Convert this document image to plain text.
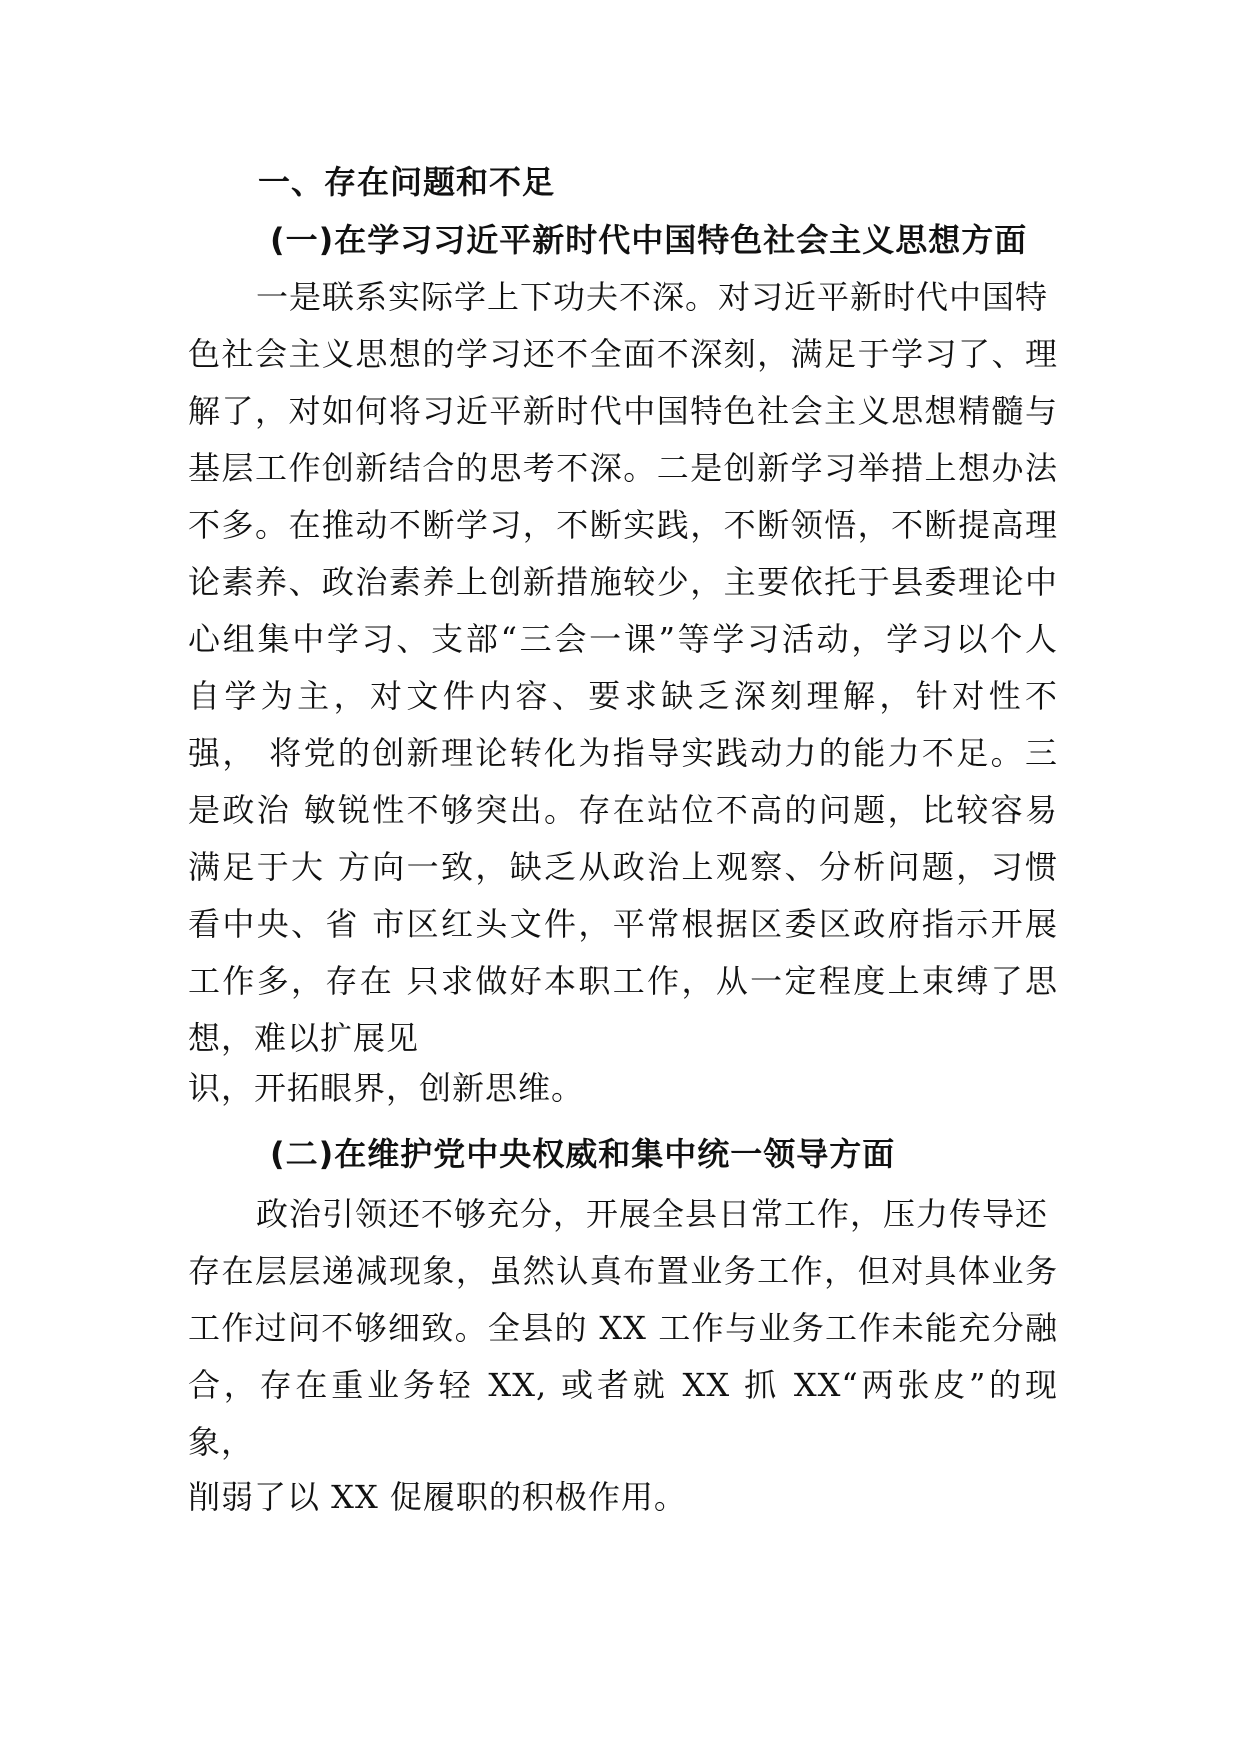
一、存在问题和不足
(一)在学习习近平新时代中国特色社会主义思想方面
一是联系实际学上下功夫不深。对习近平新时代中国特
色社会主义思想的学习还不全面不深刻，满足于学习了、理
解了，对如何将习近平新时代中国特色社会主义思想精髓与
基层工作创新结合的思考不深。二是创新学习举措上想办法
不多。在推动不断学习，不断实践，不断领悟，不断提高理
论素养、政治素养上创新措施较少，主要依托于县委理论中
心组集中学习、支部“三会一课”等学习活动，学习以个人
自学为主，对文件内容、要求缺乏深刻理解，针对性不
强， 将党的创新理论转化为指导实践动力的能力不足。三
是政治 敏锐性不够突出。存在站位不高的问题，比较容易
满足于大 方向一致，缺乏从政治上观察、分析问题，习惯
看中央、省 市区红头文件，平常根据区委区政府指示开展
工作多，存在 只求做好本职工作，从一定程度上束缚了思
想，难以扩展见
识，开拓眼界，创新思维。
(二)在维护党中央权威和集中统一领导方面
政治引领还不够充分，开展全县日常工作，压力传导还
存在层层递减现象，虽然认真布置业务工作，但对具体业务
工作过问不够细致。全县的 XX 工作与业务工作未能充分融
合，存在重业务轻 XX, 或者就 XX 抓 XX“两张皮”的现
象，
削弱了以 XX 促履职的积极作用。
